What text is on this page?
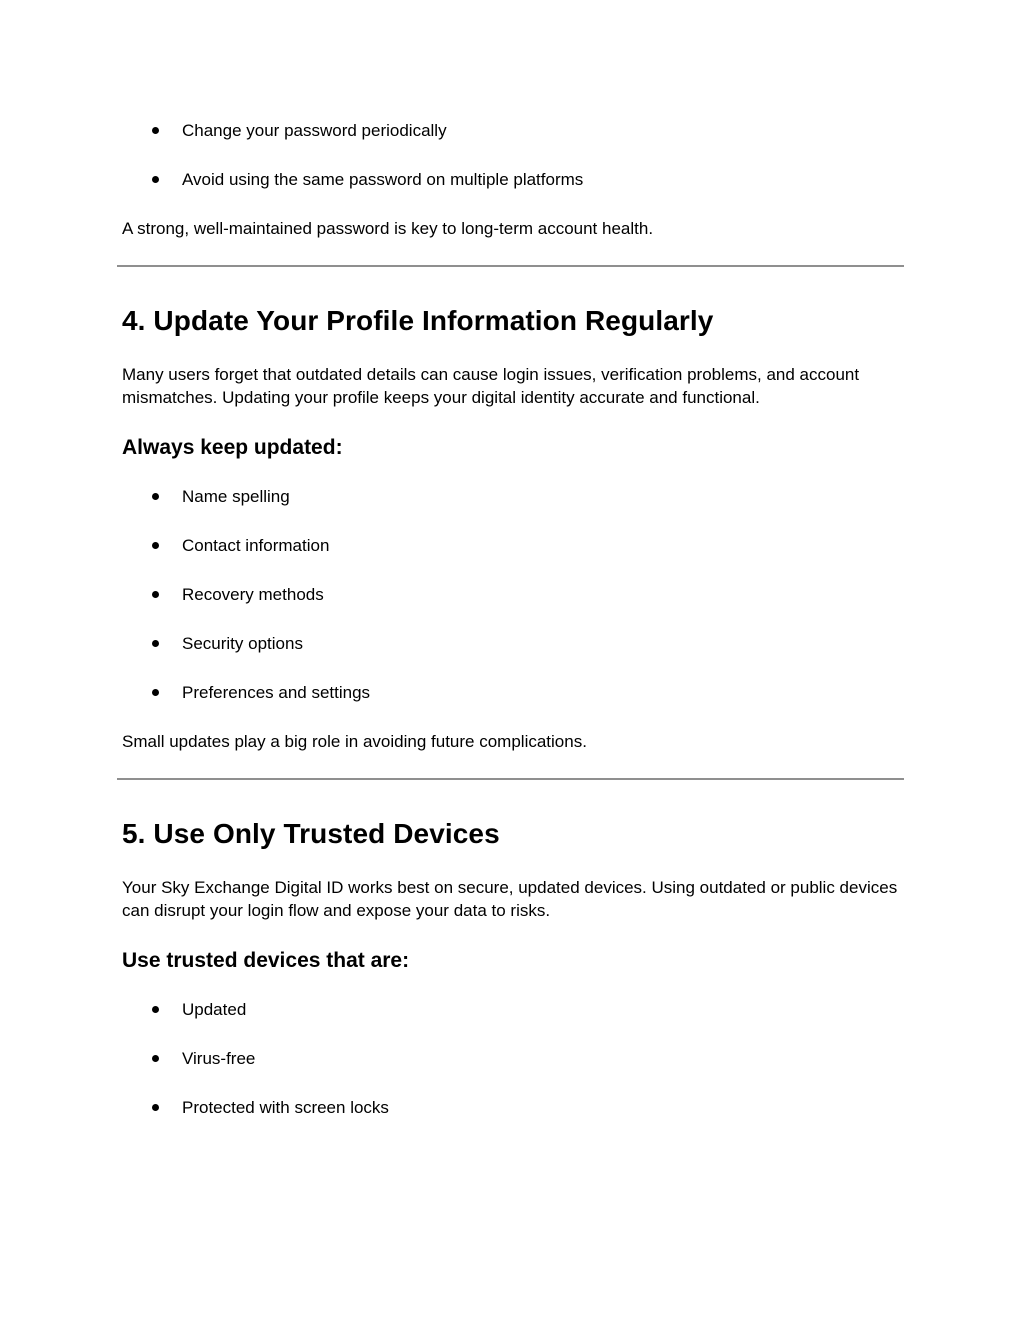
Change your password periodically
Avoid using the same password on multiple platforms

A strong, well-maintained password is key to long-term account health.

4. Update Your Profile Information Regularly

Many users forget that outdated details can cause login issues, verification problems, and account mismatches. Updating your profile keeps your digital identity accurate and functional.

Always keep updated:
Name spelling
Contact information
Recovery methods
Security options
Preferences and settings

Small updates play a big role in avoiding future complications.

5. Use Only Trusted Devices

Your Sky Exchange Digital ID works best on secure, updated devices. Using outdated or public devices can disrupt your login flow and expose your data to risks.

Use trusted devices that are:
Updated
Virus-free
Protected with screen locks
